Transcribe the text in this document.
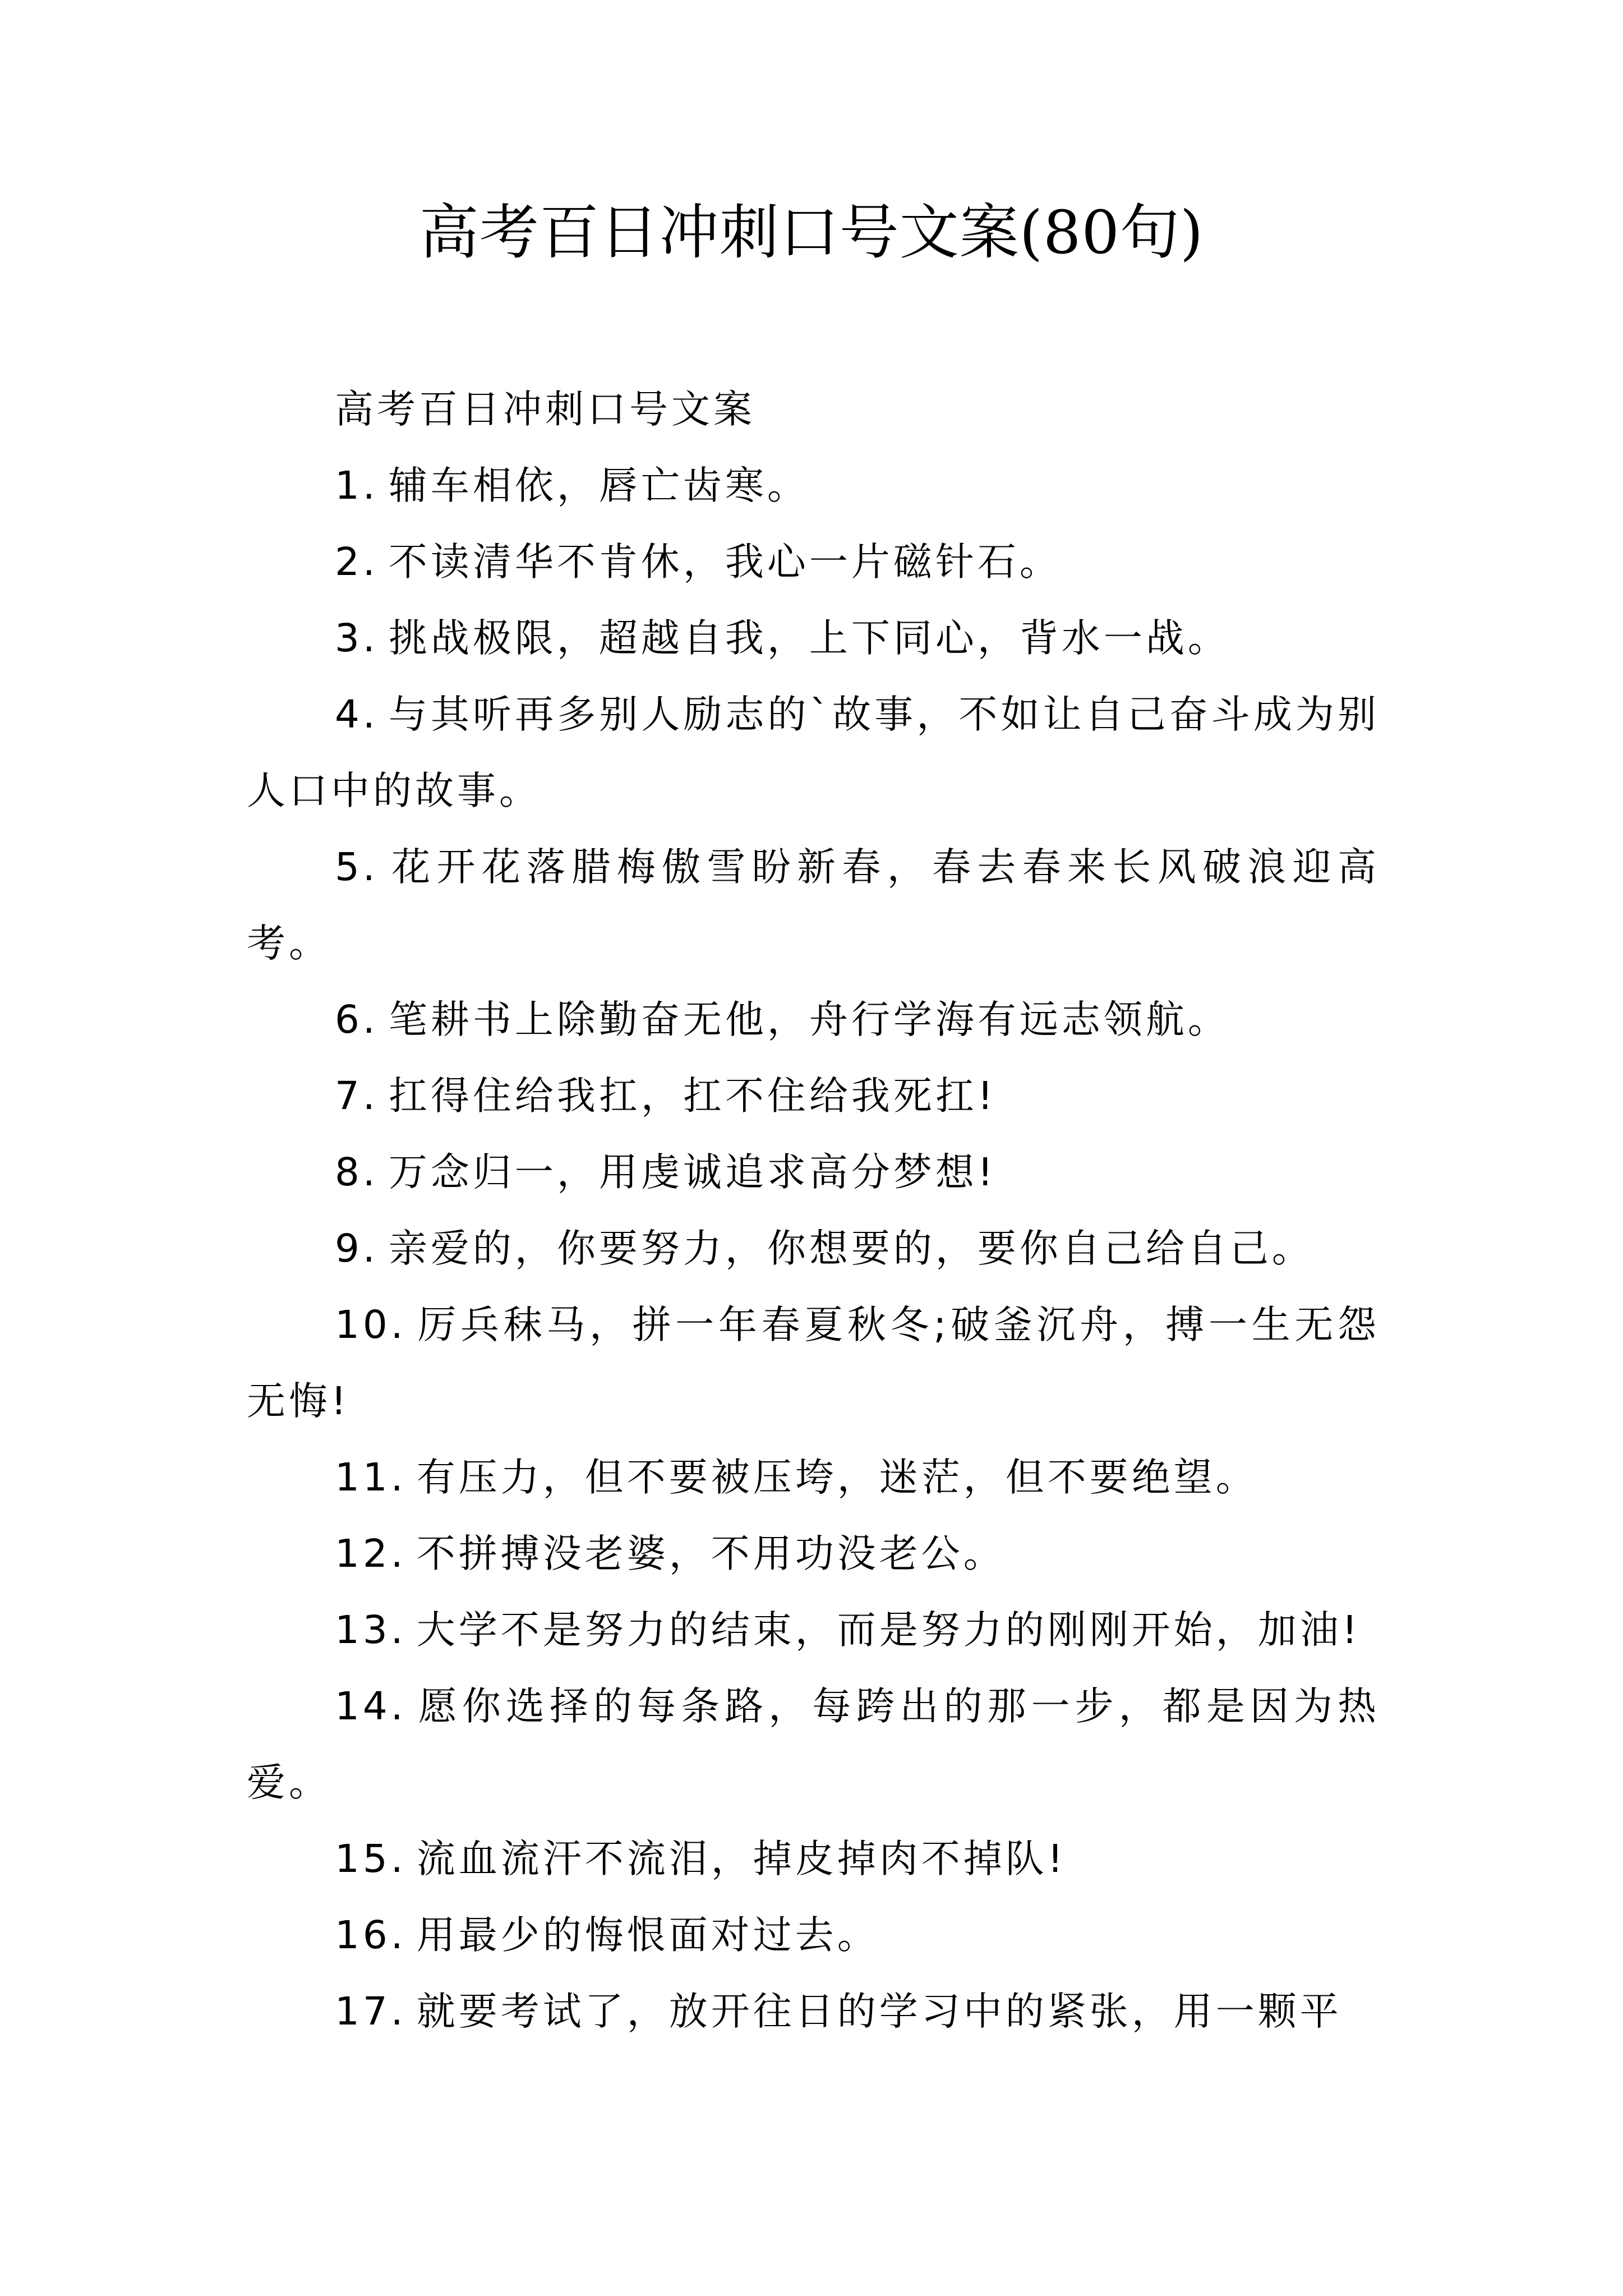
高考百日冲刺口号文案(80句)

高考百日冲刺口号文案

1. 辅车相依，唇亡齿寒。

2. 不读清华不肯休，我心一片磁针石。

3. 挑战极限，超越自我，上下同心，背水一战。

4. 与其听再多别人励志的`故事，不如让自己奋斗成为别人口中的故事。

5. 花开花落腊梅傲雪盼新春，春去春来长风破浪迎高考。

6. 笔耕书上除勤奋无他，舟行学海有远志领航。

7. 扛得住给我扛，扛不住给我死扛!

8. 万念归一，用虔诚追求高分梦想!

9. 亲爱的，你要努力，你想要的，要你自己给自己。

10. 厉兵秣马，拼一年春夏秋冬;破釜沉舟，搏一生无怨无悔!

11. 有压力，但不要被压垮，迷茫，但不要绝望。

12. 不拼搏没老婆，不用功没老公。

13. 大学不是努力的结束，而是努力的刚刚开始，加油!

14. 愿你选择的每条路，每跨出的那一步，都是因为热爱。

15. 流血流汗不流泪，掉皮掉肉不掉队!

16. 用最少的悔恨面对过去。

17. 就要考试了，放开往日的学习中的紧张，用一颗平
